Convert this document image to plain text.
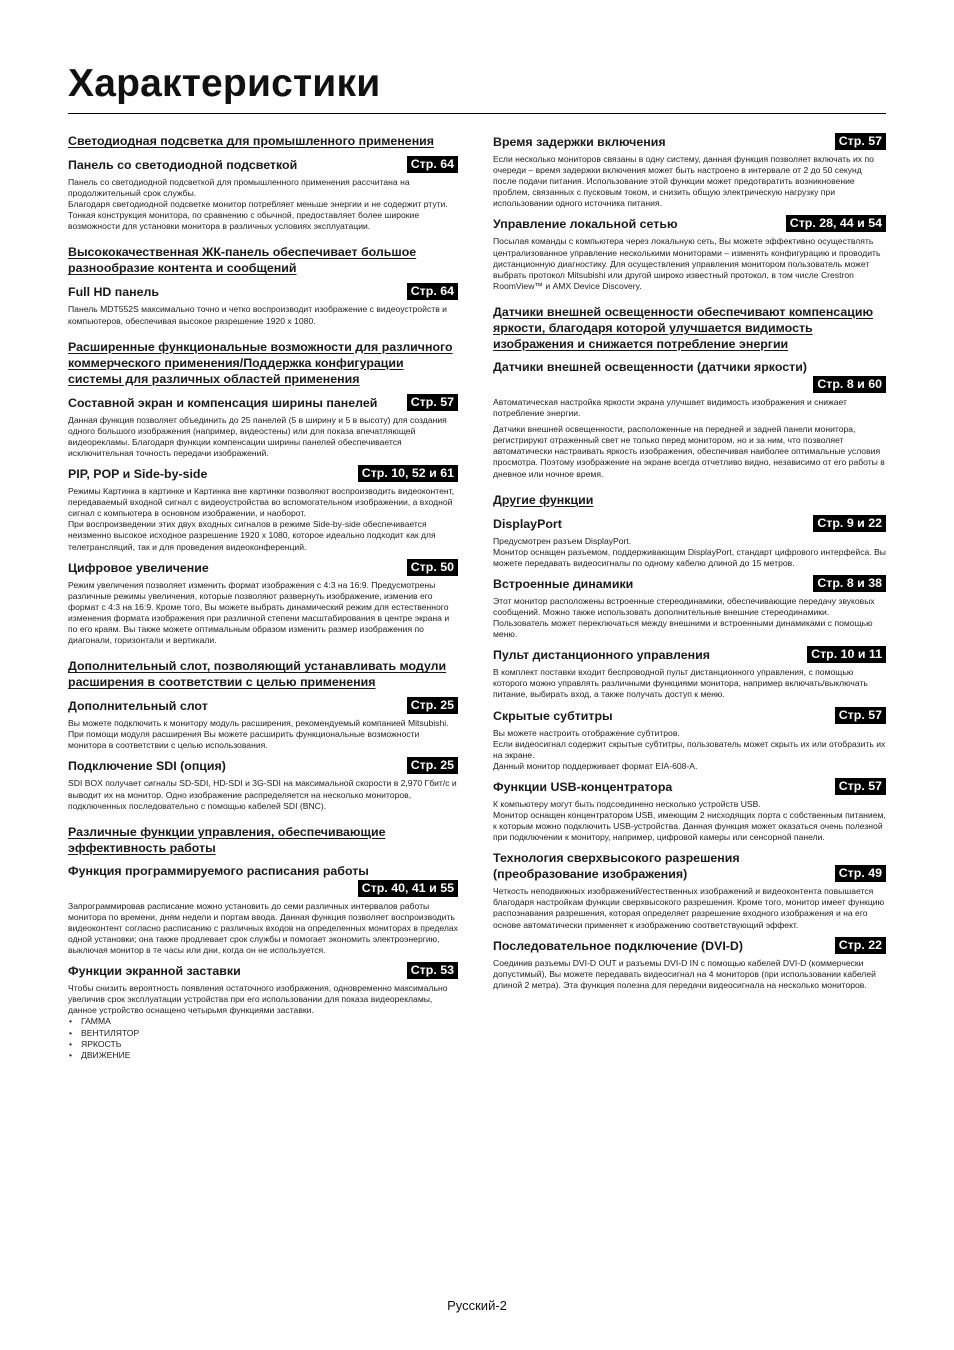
Характеристики
Светодиодная подсветка для промышленного применения
Панель со светодиодной подсветкой	Стр. 64

Панель со светодиодной подсветкой для промышленного применения рассчитана на продолжительный срок службы.

Благодаря светодиодной подсветке монитор потребляет меньше энергии и не содержит ртути. Тонкая конструкция монитора, по сравнению с обычной, предоставляет более широкие возможности для установки монитора в различных условиях эксплуатации.

Высококачественная ЖК-панель обеспечивает большое разнообразие контента и сообщений
Full HD панель	Стр. 64

Панель MDT552S максимально точно и четко воспроизводит изображение с видеоустройств и компьютеров, обеспечивая высокое разрешение 1920 x 1080.

Расширенные функциональные возможности для различного коммерческого применения/Поддержка конфигурации системы для различных областей применения
Составной экран и компенсация ширины панелей	Стр. 57

Данная функция позволяет объединить до 25 панелей (5 в ширину и 5 в высоту) для создания одного большого изображения (например, видеостены) или для показа впечатляющей видеорекламы. Благодаря функции компенсации ширины панелей обеспечивается исключительная точность передачи изображений.

PIP, POP и Side-by-side	Стр. 10, 52 и 61

Режимы Картинка в картинке и Картинка вне картинки позволяют воспроизводить видеоконтент, передаваемый входной сигнал с видеоустройства во вспомогательном изображении, а входной сигнал с компьютера в основном изображении, и наоборот.

При воспроизведении этих двух входных сигналов в режиме Side-by-side обеспечивается неизменно высокое исходное разрешение 1920 x 1080, которое идеально подходит как для телетрансляций, так и для проведения видеоконференций.

Цифровое увеличение	Стр. 50

Режим увеличения позволяет изменить формат изображения с 4:3 на 16:9. Предусмотрены различные режимы увеличения, которые позволяют развернуть изображение, изменив его формат с 4:3 на 16:9. Кроме того, Вы можете выбрать динамический режим для естественного изменения формата изображения при различной степени масштабирования в центре экрана и по его краям. Вы также можете оптимальным образом изменить размер изображения по диагонали, горизонтали и вертикали.

Дополнительный слот, позволяющий устанавливать модули расширения в соответствии с целью применения
Дополнительный слот	Стр. 25

Вы можете подключить к монитору модуль расширения, рекомендуемый компанией Mitsubishi. При помощи модуля расширения Вы можете расширить функциональные возможности монитора в соответствии с целью использования.

Подключение SDI (опция)	Стр. 25

SDI BOX получает сигналы SD-SDI, HD-SDI и 3G-SDI на максимальной скорости в 2,970 Гбит/с и выводит их на монитор. Одно изображение распределяется на несколько мониторов, подключенных последовательно с помощью кабелей SDI (BNC).

Различные функции управления, обеспечивающие эффективность работы
Функция программируемого расписания работы
Стр. 40, 41 и 55

Запрограммировав расписание можно установить до семи различных интервалов работы монитора по времени, дням недели и портам ввода. Данная функция позволяет воспроизводить видеоконтент согласно расписанию с различных входов на определенных мониторах в пределах одной установки; она также продлевает срок службы и помогает экономить электроэнергию, выключая монитор в те часы или дни, когда он не используется.

Функции экранной заставки	Стр. 53

Чтобы снизить вероятность появления остаточного изображения, одновременно максимально увеличив срок эксплуатации устройства при его использовании для показа видеорекламы, данное устройство оснащено четырьмя функциями заставки.

• ГАММА
• ВЕНТИЛЯТОР
• ЯРКОСТЬ
• ДВИЖЕНИЕ
Время задержки включения	Стр. 57

Если несколько мониторов связаны в одну систему, данная функция позволяет включать их по очереди – время задержки включения может быть настроено в интервале от 2 до 50 секунд после подачи питания. Использование этой функции может предотвратить возникновение проблем, связанных с пусковым током, и снизить общую электрическую нагрузку при использовании одного источника питания.

Управление локальной сетью	Стр. 28, 44 и 54

Посылая команды с компьютера через локальную сеть, Вы можете эффективно осуществлять централизованное управление несколькими мониторами – изменять конфигурацию и проводить дистанционную диагностику. Для осуществления управления монитором пользователь может выбрать протокол Mitsubishi или другой широко известный протокол, в том числе Crestron RoomView™ и AMX Device Discovery.

Датчики внешней освещенности обеспечивают компенсацию яркости, благодаря которой улучшается видимость изображения и снижается потребление энергии
Датчики внешней освещенности (датчики яркости)
Стр. 8 и 60

Автоматическая настройка яркости экрана улучшает видимость изображения и снижает потребление энергии.

Датчики внешней освещенности, расположенные на передней и задней панели монитора, регистрируют отраженный свет не только перед монитором, но и за ним, что позволяет автоматически настраивать яркость изображения, обеспечивая наиболее оптимальные условия просмотра. Поэтому изображение на экране всегда отчетливо видно, независимо от его работы в дневное или ночное время.

Другие функции
DisplayPort	Стр. 9 и 22

Предусмотрен разъем DisplayPort.

Монитор оснащен разъемом, поддерживающим DisplayPort, стандарт цифрового интерфейса. Вы можете передавать видеосигналы по одному кабелю длиной до 15 метров.

Встроенные динамики	Стр. 8 и 38

Этот монитор расположены встроенные стереодинамики, обеспечивающие передачу звуковых сообщений. Можно также использовать дополнительные внешние стереодинамики. Пользователь может переключаться между внешними и встроенными динамиками с помощью меню.

Пульт дистанционного управления	Стр. 10 и 11

В комплект поставки входит беспроводной пульт дистанционного управления, с помощью которого можно управлять различными функциями монитора, например включать/выключать питание, выбирать вход, а также получать доступ к меню.

Скрытые субтитры	Стр. 57

Вы можете настроить отображение субтитров.

Если видеосигнал содержит скрытые субтитры, пользователь может скрыть их или отобразить их на экране.

Данный монитор поддерживает формат EIA-608-A.

Функции USB-концентратора	Стр. 57

К компьютеру могут быть подсоединено несколько устройств USB.

Монитор оснащен концентратором USB, имеющим 2 нисходящих порта с собственным питанием, к которым можно подключить USB-устройства. Данная функция может оказаться очень полезной при подключении к монитору, например, цифровой камеры или сенсорной панели.

Технология сверхвысокого разрешения (преобразование изображения)	Стр. 49

Четкость неподвижных изображений/естественных изображений и видеоконтента повышается благодаря настройкам функции сверхвысокого разрешения. Кроме того, монитор имеет функцию распознавания разрешения, которая определяет разрешение входного изображения и на его основе автоматически применяет к изображению соответствующий эффект.

Последовательное подключение (DVI-D)	Стр. 22

Соединив разъемы DVI-D OUT и разъемы DVI-D IN с помощью кабелей DVI-D (коммерчески допустимый), Вы можете передавать видеосигнал на 4 мониторов (при использовании кабелей длиной 2 метра). Эта функция полезна для передачи видеосигнала на несколько мониторов.

Русский-2
